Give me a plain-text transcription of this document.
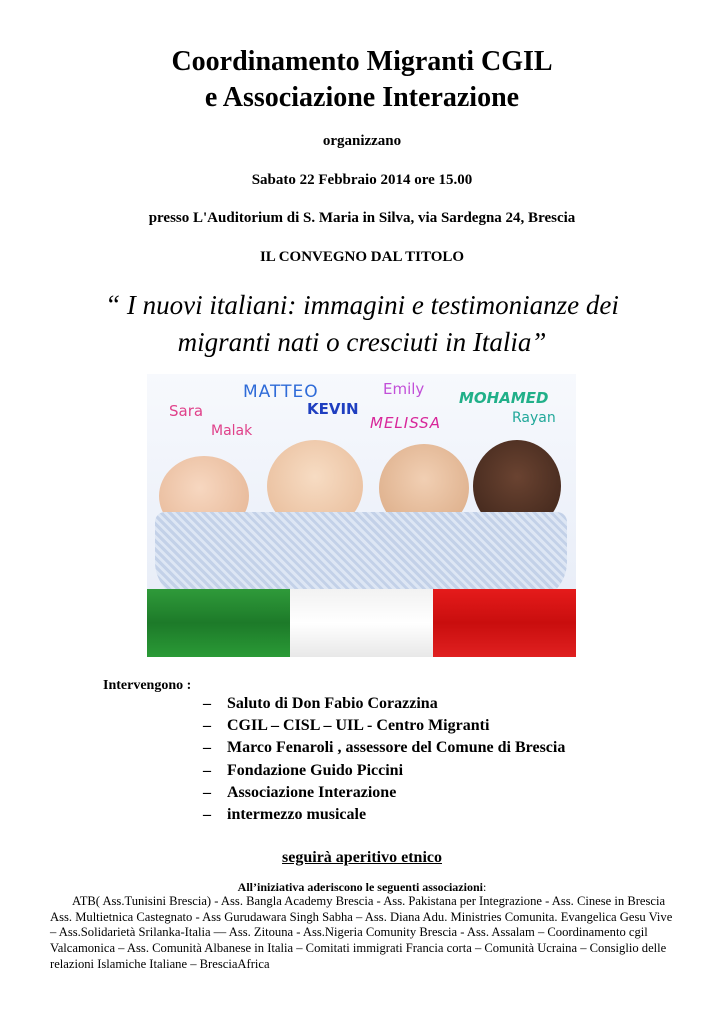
Coordinamento Migranti CGIL
e Associazione Interazione
organizzano
Sabato 22 Febbraio 2014 ore 15.00
presso L'Auditorium di S. Maria in Silva, via Sardegna 24, Brescia
IL CONVEGNO DAL TITOLO
“ I nuovi italiani: immagini e testimonianze dei
migranti nati o cresciuti in Italia”
MATTEO	Emily MOHAMED
Sara	KEVIN
MELISSA	Rayan
Malak
Intervengono :
– Saluto di Don Fabio Corazzina
– CGIL – CISL – UIL - Centro Migranti
– Marco Fenaroli , assessore del Comune di Brescia
– Fondazione Guido Piccini
– Associazione Interazione
– intermezzo musicale
seguirà aperitivo etnico
All’iniziativa aderiscono le seguenti associazioni:
ATB( Ass.Tunisini Brescia) - Ass. Bangla Academy Brescia - Ass. Pakistana per Integrazione - Ass. Cinese in Brescia Ass. Multietnica Castegnato - Ass Gurudawara Singh Sabha – Ass. Diana Adu. Ministries Comunita. Evangelica Gesu Vive – Ass.Solidarietà Srilanka-Italia — Ass. Zitouna - Ass.Nigeria Comunity Brescia - Ass. Assalam – Coordinamento cgil Valcamonica – Ass. Comunità Albanese in Italia – Comitati immigrati Francia corta – Comunità Ucraina – Consiglio delle relazioni Islamiche Italiane – BresciaAfrica
